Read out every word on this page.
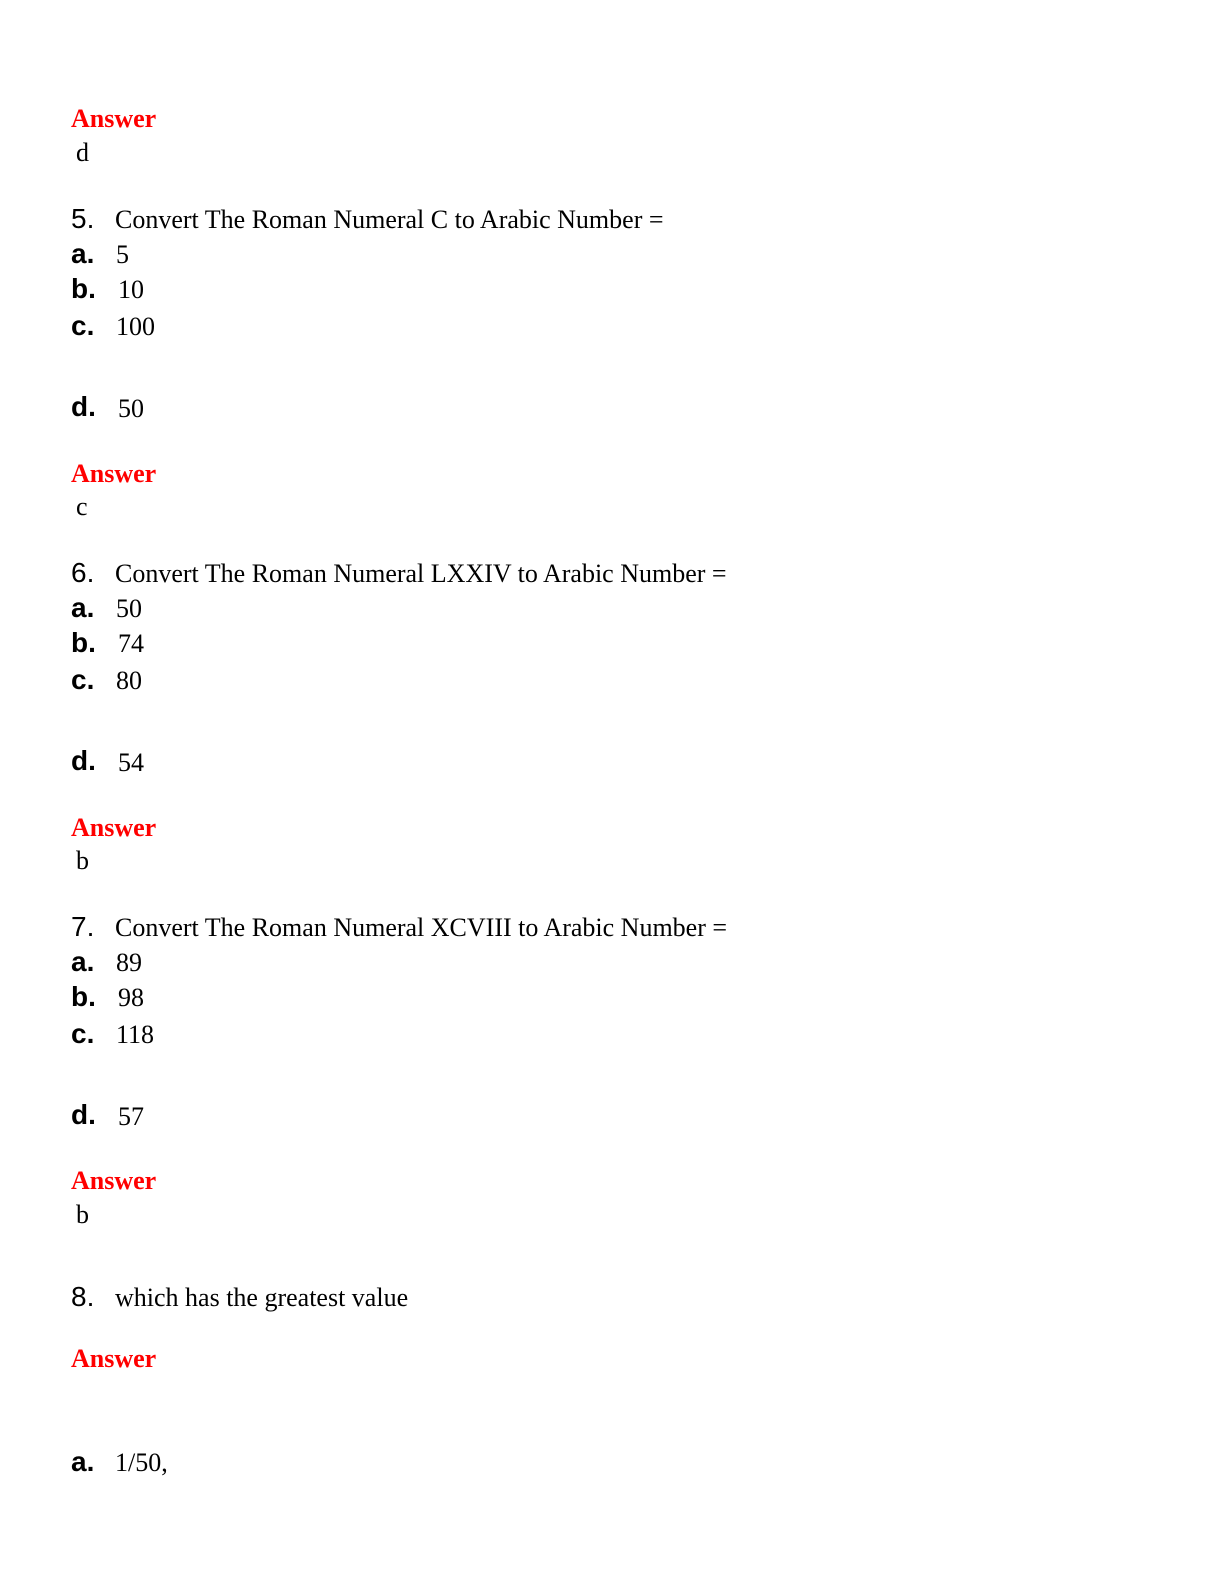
Answer
d
5. Convert The Roman Numeral C to Arabic Number =
a. 5
b. 10
c. 100
d. 50
Answer
c
6. Convert The Roman Numeral LXXIV to Arabic Number =
a. 50
b. 74
c. 80
d. 54
Answer
b
7. Convert The Roman Numeral XCVIII to Arabic Number =
a. 89
b. 98
c. 118
d. 57
Answer
b
8. which has the greatest value
Answer
a. 1/50,
